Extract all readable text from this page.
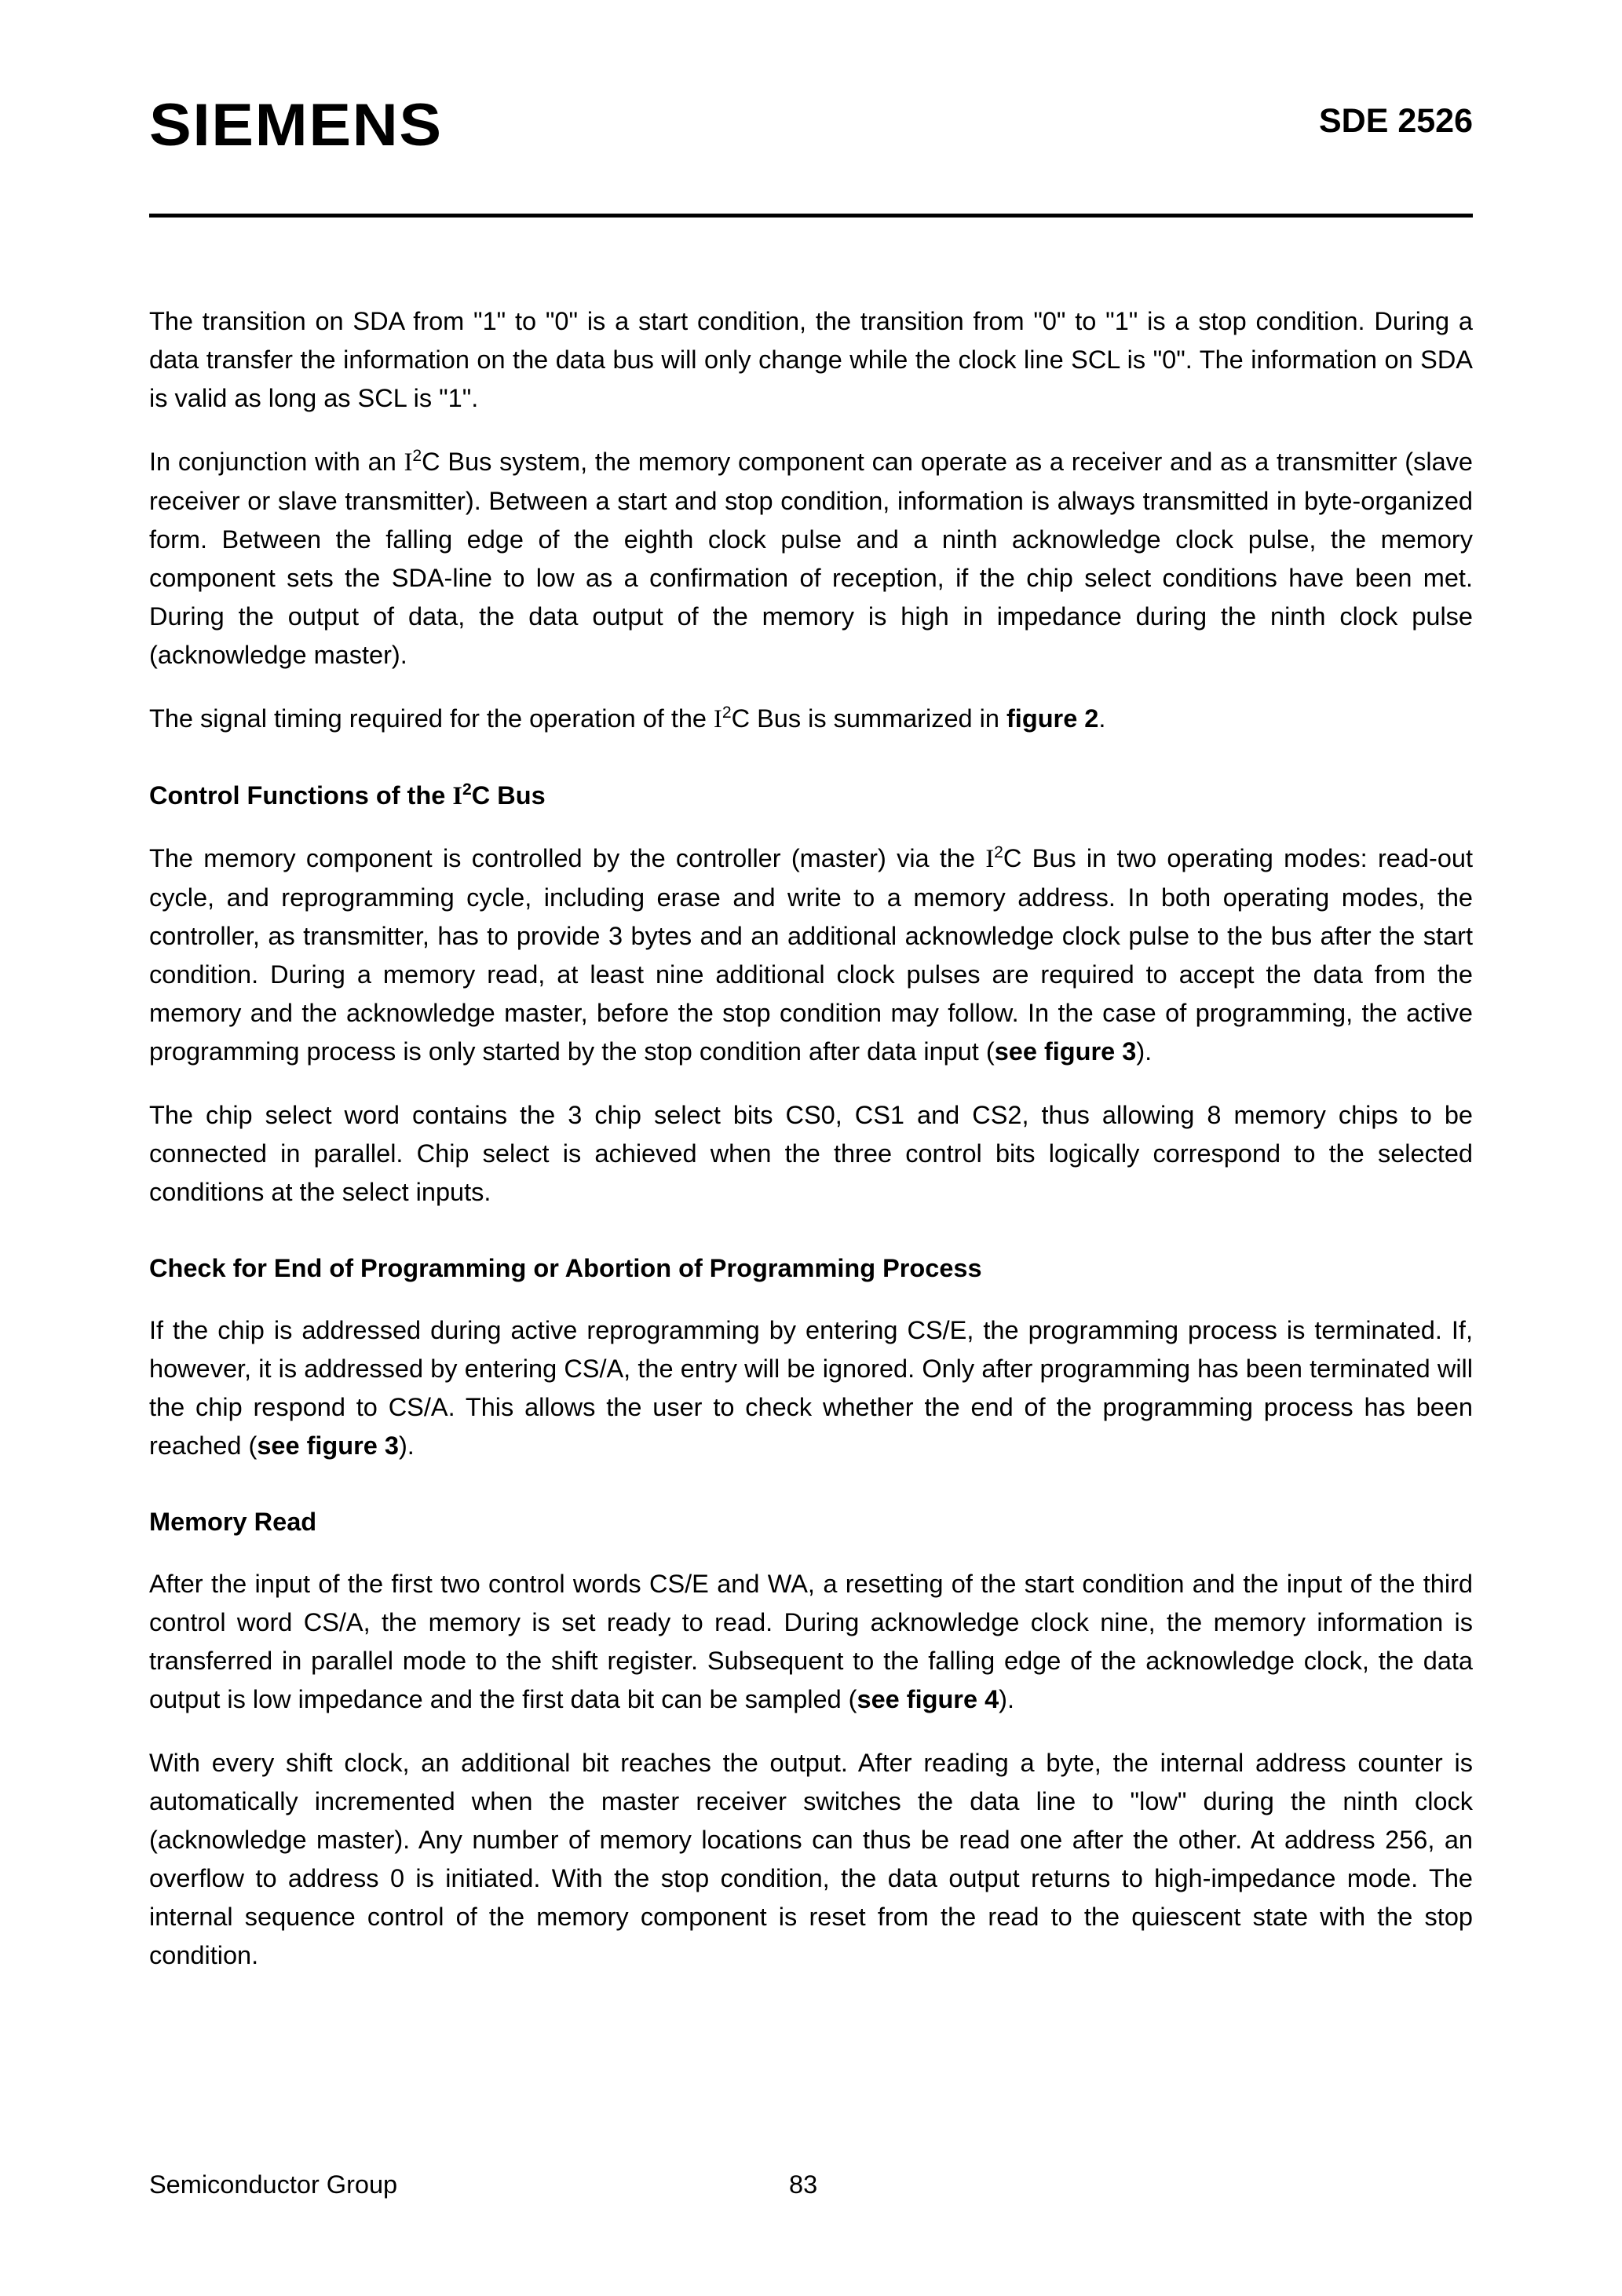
SIEMENS	SDE 2526

The transition on SDA from "1" to "0" is a start condition, the transition from "0" to "1" is a stop condition. During a data transfer the information on the data bus will only change while the clock line SCL is "0". The information on SDA is valid as long as SCL is "1".

In conjunction with an $I^2C$ Bus system, the memory component can operate as a receiver and as a transmitter (slave receiver or slave transmitter). Between a start and stop condition, information is always transmitted in byte-organized form. Between the falling edge of the eighth clock pulse and a ninth acknowledge clock pulse, the memory component sets the SDA-line to low as a confirmation of reception, if the chip select conditions have been met. During the output of data, the data output of the memory is high in impedance during the ninth clock pulse (acknowledge master).

The signal timing required for the operation of the $I^2C$ Bus is summarized in figure 2.

Control Functions of the $I^2C$ Bus

The memory component is controlled by the controller (master) via the $I^2C$ Bus in two operating modes: read-out cycle, and reprogramming cycle, including erase and write to a memory address. In both operating modes, the controller, as transmitter, has to provide 3 bytes and an additional acknowledge clock pulse to the bus after the start condition. During a memory read, at least nine additional clock pulses are required to accept the data from the memory and the acknowledge master, before the stop condition may follow. In the case of programming, the active programming process is only started by the stop condition after data input (see figure 3).

The chip select word contains the 3 chip select bits CS0, CS1 and CS2, thus allowing 8 memory chips to be connected in parallel. Chip select is achieved when the three control bits logically correspond to the selected conditions at the select inputs.

Check for End of Programming or Abortion of Programming Process

If the chip is addressed during active reprogramming by entering CS/E, the programming process is terminated. If, however, it is addressed by entering CS/A, the entry will be ignored. Only after programming has been terminated will the chip respond to CS/A. This allows the user to check whether the end of the programming process has been reached (see figure 3).

Memory Read

After the input of the first two control words CS/E and WA, a resetting of the start condition and the input of the third control word CS/A, the memory is set ready to read. During acknowledge clock nine, the memory information is transferred in parallel mode to the shift register. Subsequent to the falling edge of the acknowledge clock, the data output is low impedance and the first data bit can be sampled (see figure 4).

With every shift clock, an additional bit reaches the output. After reading a byte, the internal address counter is automatically incremented when the master receiver switches the data line to "low" during the ninth clock (acknowledge master). Any number of memory locations can thus be read one after the other. At address 256, an overflow to address 0 is initiated. With the stop condition, the data output returns to high-impedance mode. The internal sequence control of the memory component is reset from the read to the quiescent state with the stop condition.

Semiconductor Group	83
